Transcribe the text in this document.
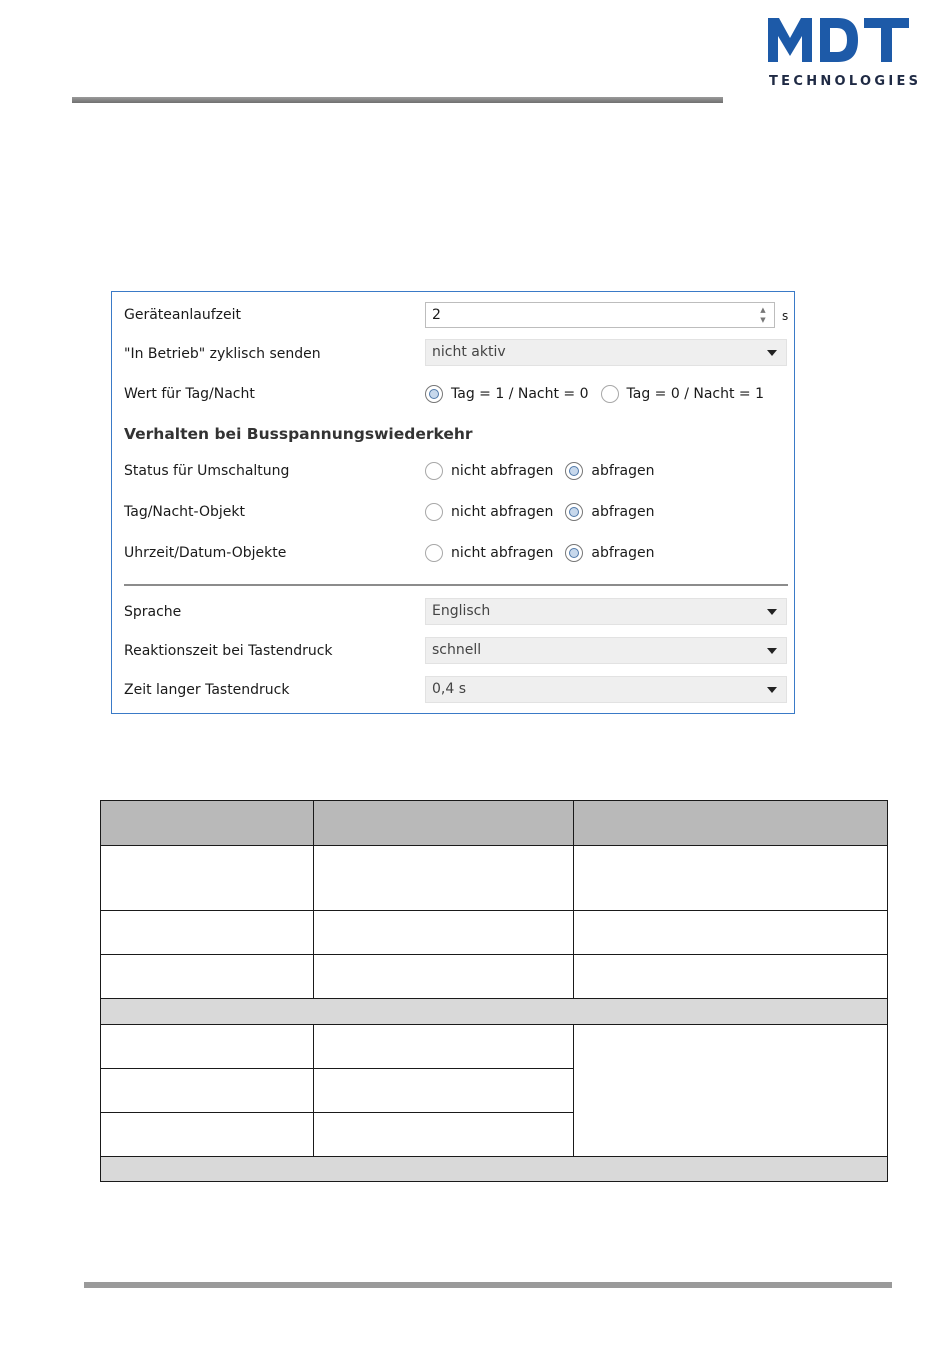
TECHNOLOGIES
Geräteanlaufzeit	2	▲
▼ s
"In Betrieb" zyklisch senden	nicht aktiv
Wert für Tag/Nacht	Tag = 1 / Nacht = 0	Tag = 0 / Nacht = 1
Verhalten bei Busspannungswiederkehr
Status für Umschaltung	nicht abfragen	abfragen
Tag/Nacht-Objekt	nicht abfragen	abfragen
Uhrzeit/Datum-Objekte	nicht abfragen	abfragen
Sprache	Englisch
Reaktionszeit bei Tastendruck	schnell
Zeit langer Tastendruck	0,4 s
